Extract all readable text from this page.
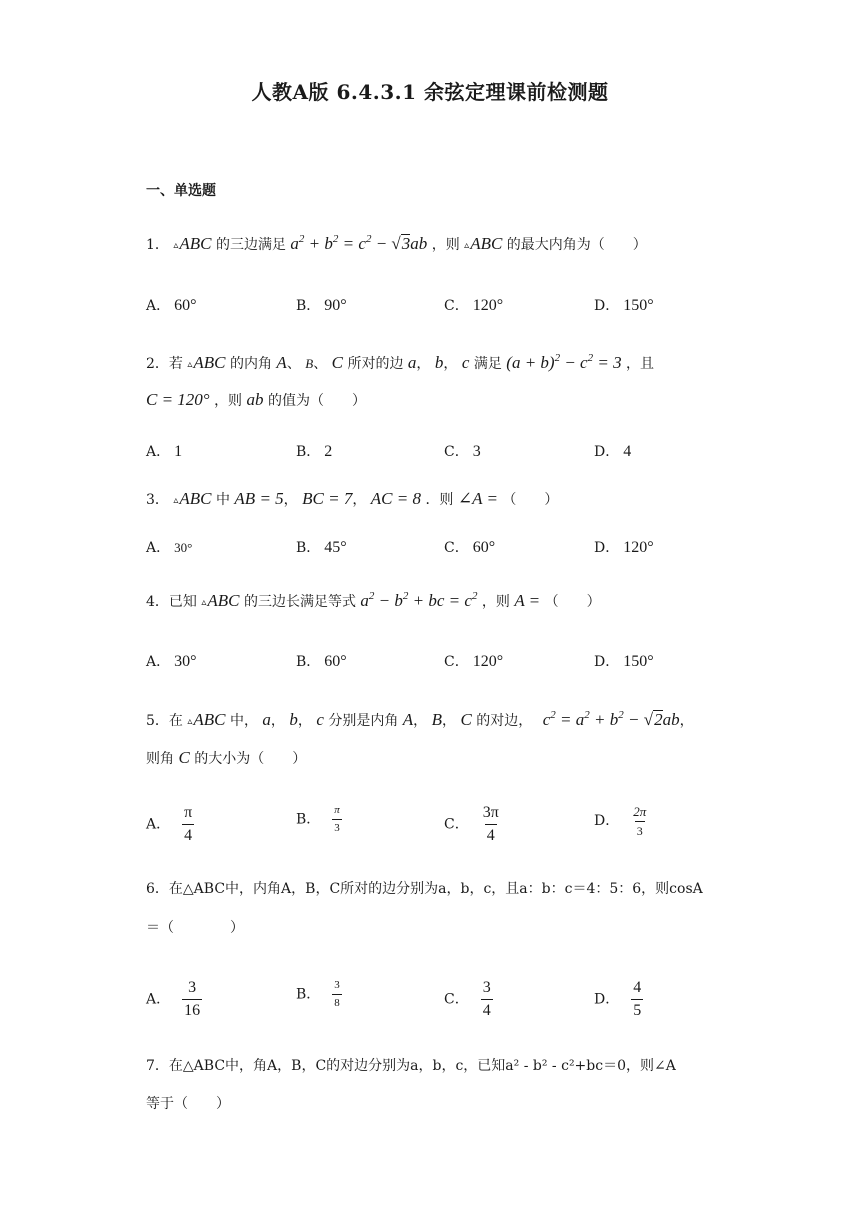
人教A版 6.4.3.1 余弦定理课前检测题
一、单选题
1． ▵ABC 的三边满足 $a^2 + b^2 = c^2 - √3ab$ ，则 ▵ABC 的最大内角为（　　）
A． 60°	B． 90°	C． 120°	D． 150°
2．若 ▵ABC 的内角 A、 B、 C 所对的边 a， b， c 满足 $(a + b)^2 - c^2 = 3$ ，且
C = 120° ，则 ab 的值为（　　）
A． 1	B． 2	C． 3	D． 4
3． ▵ABC 中 AB = 5， BC = 7， AC = 8 ．则 ∠A = （　　）
A． 30°	B． 45°	C． 60°	D． 120°
4．已知 ▵ABC 的三边长满足等式 $a^2 - b^2$ + bc = $c^2$ ，则 A = （　　）
A． 30°	B． 60°	C． 120°	D． 150°
5．在 ▵ABC 中， a， b， c 分别是内角 A， B， C 的对边， $c^2 = a^2 + b^2 - √2ab$，
则角 C 的大小为（　　）
A． $\frac{\pi}{4}$	B． $\frac{\pi}{3}$	C． $\frac{3\pi}{4}$	D． $\frac{2\pi}{3}$
6．在△ABC中，内角A，B，C所对的边分别为a，b，c，且a：b：c＝4：5：6，则cosA
＝（　　　　）
A． $\frac{3}{16}$	B． $\frac{3}{8}$	C． $\frac{3}{4}$	D． $\frac{4}{5}$
7．在△ABC中，角A，B，C的对边分别为a，b，c，已知a² - b² - c²+bc＝0，则∠A
等于（　　）
